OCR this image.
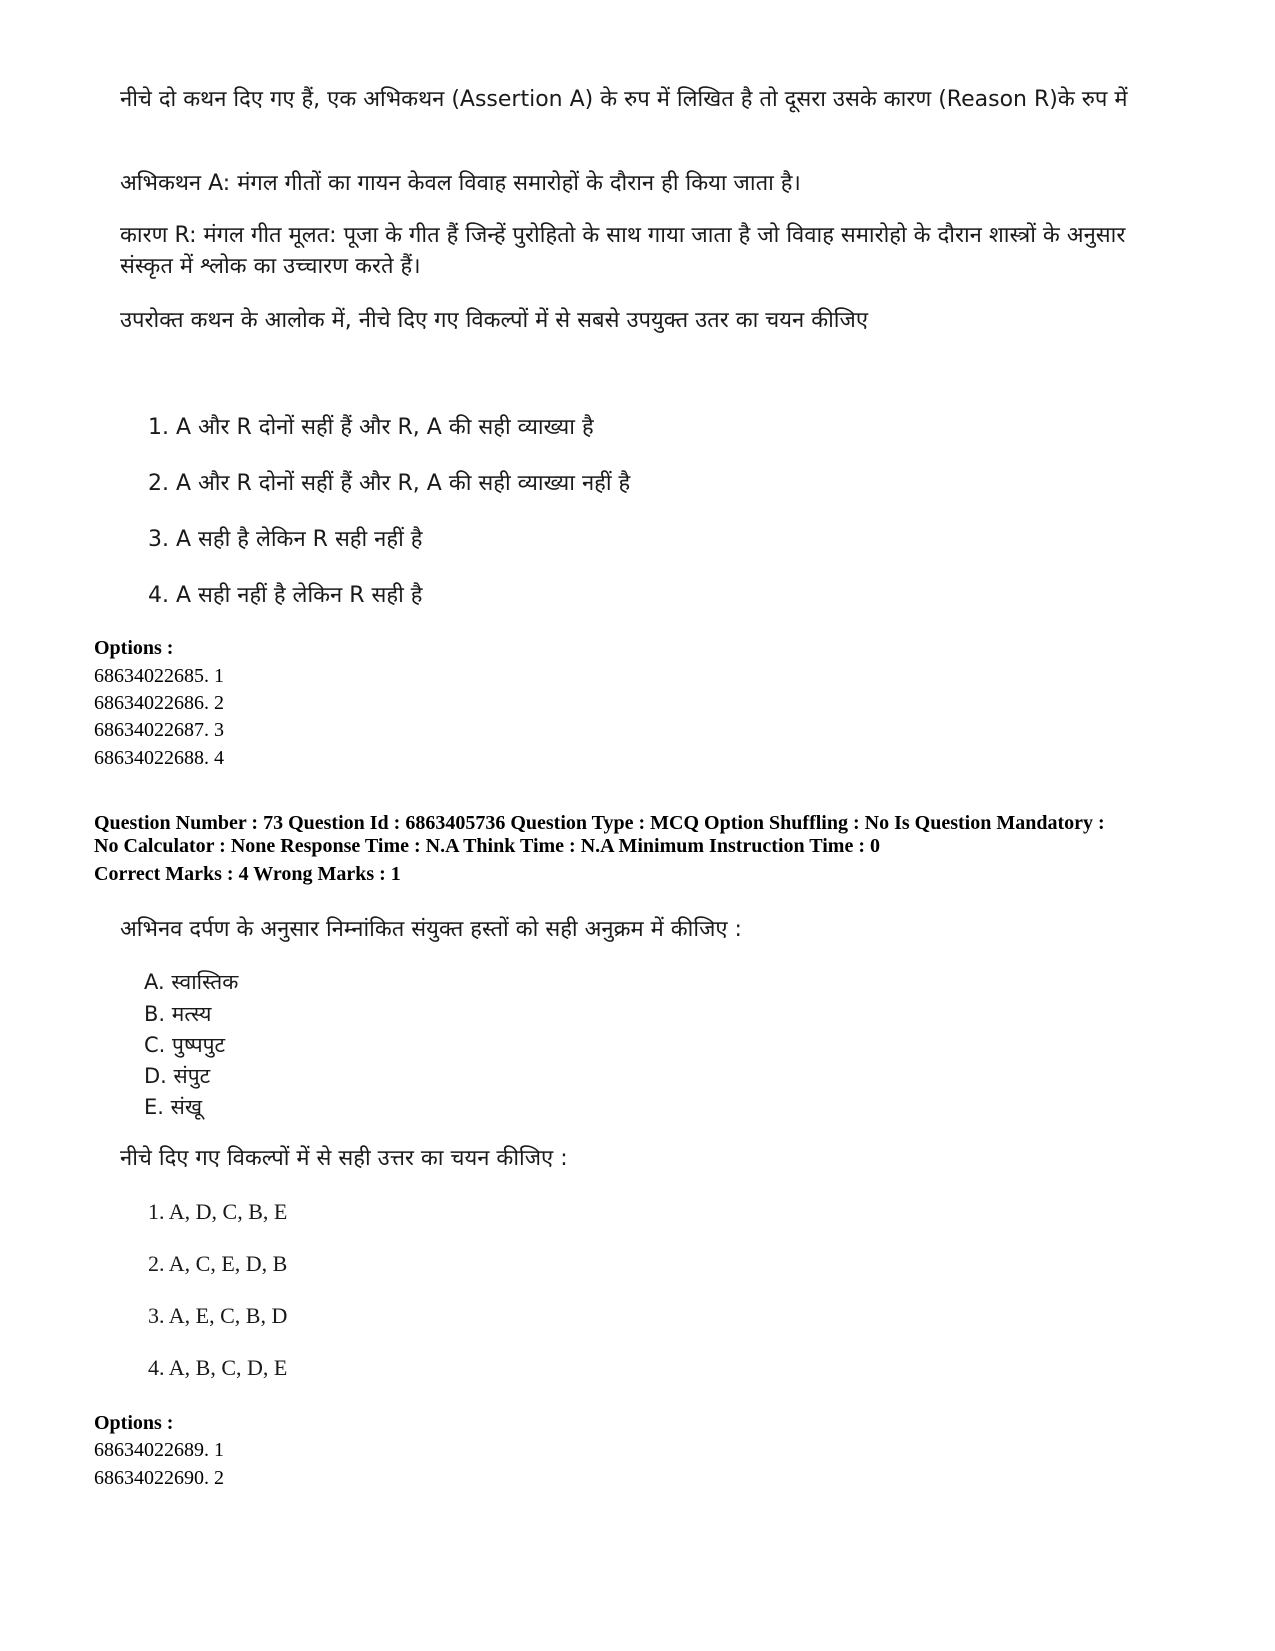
नीचे दो कथन दिए गए हैं, एक अभिकथन (Assertion A) के रुप में लिखित है तो दूसरा उसके कारण (Reason R)के रुप में

अभिकथन A: मंगल गीतों का गायन केवल विवाह समारोहों के दौरान ही किया जाता है।

कारण R: मंगल गीत मूलत: पूजा के गीत हैं जिन्हें पुरोहितो के साथ गाया जाता है जो विवाह समारोहो के दौरान शास्त्रों के अनुसार संस्कृत में श्लोक का उच्चारण करते हैं।

उपरोक्त कथन के आलोक में, नीचे दिए गए विकल्पों में से सबसे उपयुक्त उतर का चयन कीजिए

1. A और R दोनों सहीं हैं और R, A की सही व्याख्या है

2. A और R दोनों सहीं हैं और R, A की सही व्याख्या नहीं है

3. A सही है लेकिन R सही नहीं है

4. A सही नहीं है लेकिन R सही है

Options :

68634022685. 1

68634022686. 2

68634022687. 3

68634022688. 4

Question Number : 73 Question Id : 6863405736 Question Type : MCQ Option Shuffling : No Is Question Mandatory :

No Calculator : None Response Time : N.A Think Time : N.A Minimum Instruction Time : 0

Correct Marks : 4 Wrong Marks : 1

अभिनव दर्पण के अनुसार निम्नांकित संयुक्त हस्तों को सही अनुक्रम में कीजिए :

A. स्वास्तिक

B. मत्स्य

C. पुष्पपुट

D. संपुट

E. संखू

नीचे दिए गए विकल्पों में से सही उत्तर का चयन कीजिए :

1. A, D, C, B, E

2. A, C, E, D, B

3. A, E, C, B, D

4. A, B, C, D, E

Options :

68634022689. 1

68634022690. 2
